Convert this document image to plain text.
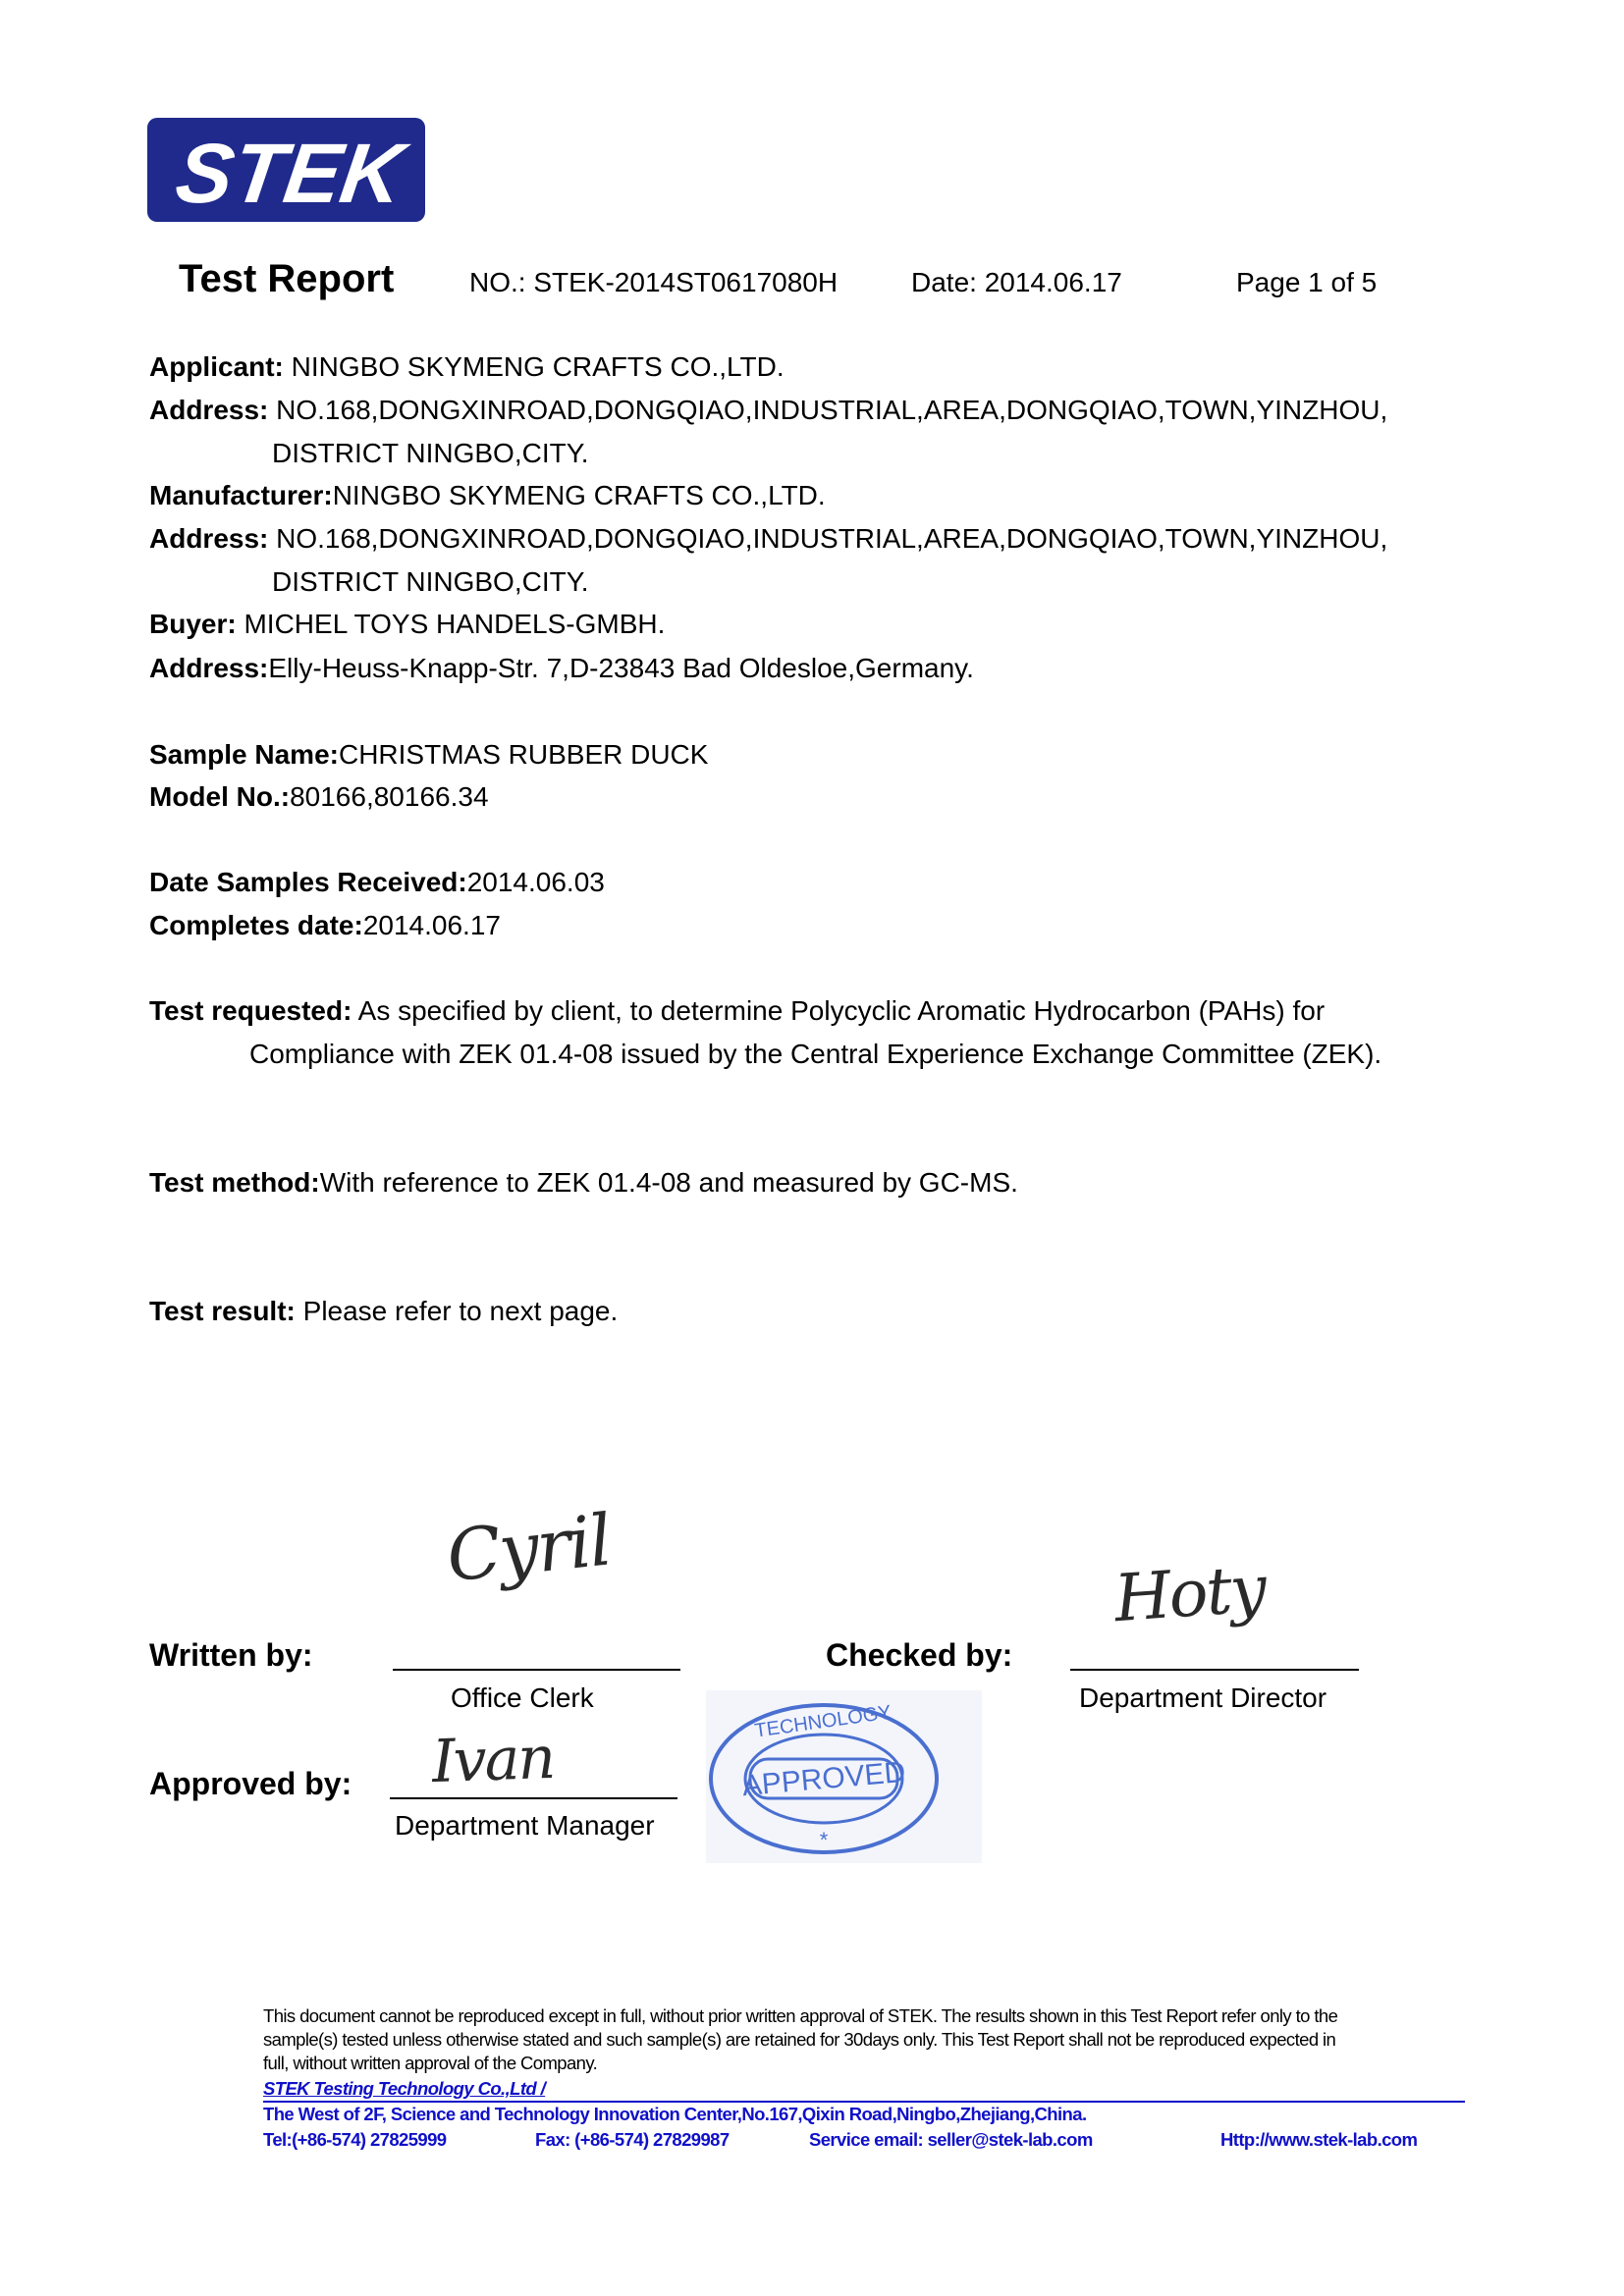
STEK
Test Report	NO.: STEK-2014ST0617080H	Date: 2014.06.17	Page 1 of 5
Applicant: NINGBO SKYMENG CRAFTS CO.,LTD.
Address: NO.168,DONGXINROAD,DONGQIAO,INDUSTRIAL,AREA,DONGQIAO,TOWN,YINZHOU,
DISTRICT NINGBO,CITY.
Manufacturer:NINGBO SKYMENG CRAFTS CO.,LTD.
Address: NO.168,DONGXINROAD,DONGQIAO,INDUSTRIAL,AREA,DONGQIAO,TOWN,YINZHOU,
DISTRICT NINGBO,CITY.
Buyer: MICHEL TOYS HANDELS-GMBH.
Address:Elly-Heuss-Knapp-Str. 7,D-23843 Bad Oldesloe,Germany.
Sample Name:CHRISTMAS RUBBER DUCK
Model No.:80166,80166.34
Date Samples Received:2014.06.03
Completes date:2014.06.17
Test requested: As specified by client, to determine Polycyclic Aromatic Hydrocarbon (PAHs) for
Compliance with ZEK 01.4-08 issued by the Central Experience Exchange Committee (ZEK).
Test method:With reference to ZEK 01.4-08 and measured by GC-MS.
Test result: Please refer to next page.
Written by:
Cyril
Office Clerk
Checked by:
Hoty
Department Director
Approved by: Ivan
Department Manager
APPROVED
TECHNOLOGY
*
This document cannot be reproduced except in full, without prior written approval of STEK. The results shown in this Test Report refer only to the
sample(s) tested unless otherwise stated and such sample(s) are retained for 30days only. This Test Report shall not be reproduced expected in
full, without written approval of the Company.
STEK Testing Technology Co.,Ltd /
The West of 2F, Science and Technology Innovation Center,No.167,Qixin Road,Ningbo,Zhejiang,China.
Tel:(+86-574) 27825999	Fax: (+86-574) 27829987	Service email: seller@stek-lab.com	Http://www.stek-lab.com
